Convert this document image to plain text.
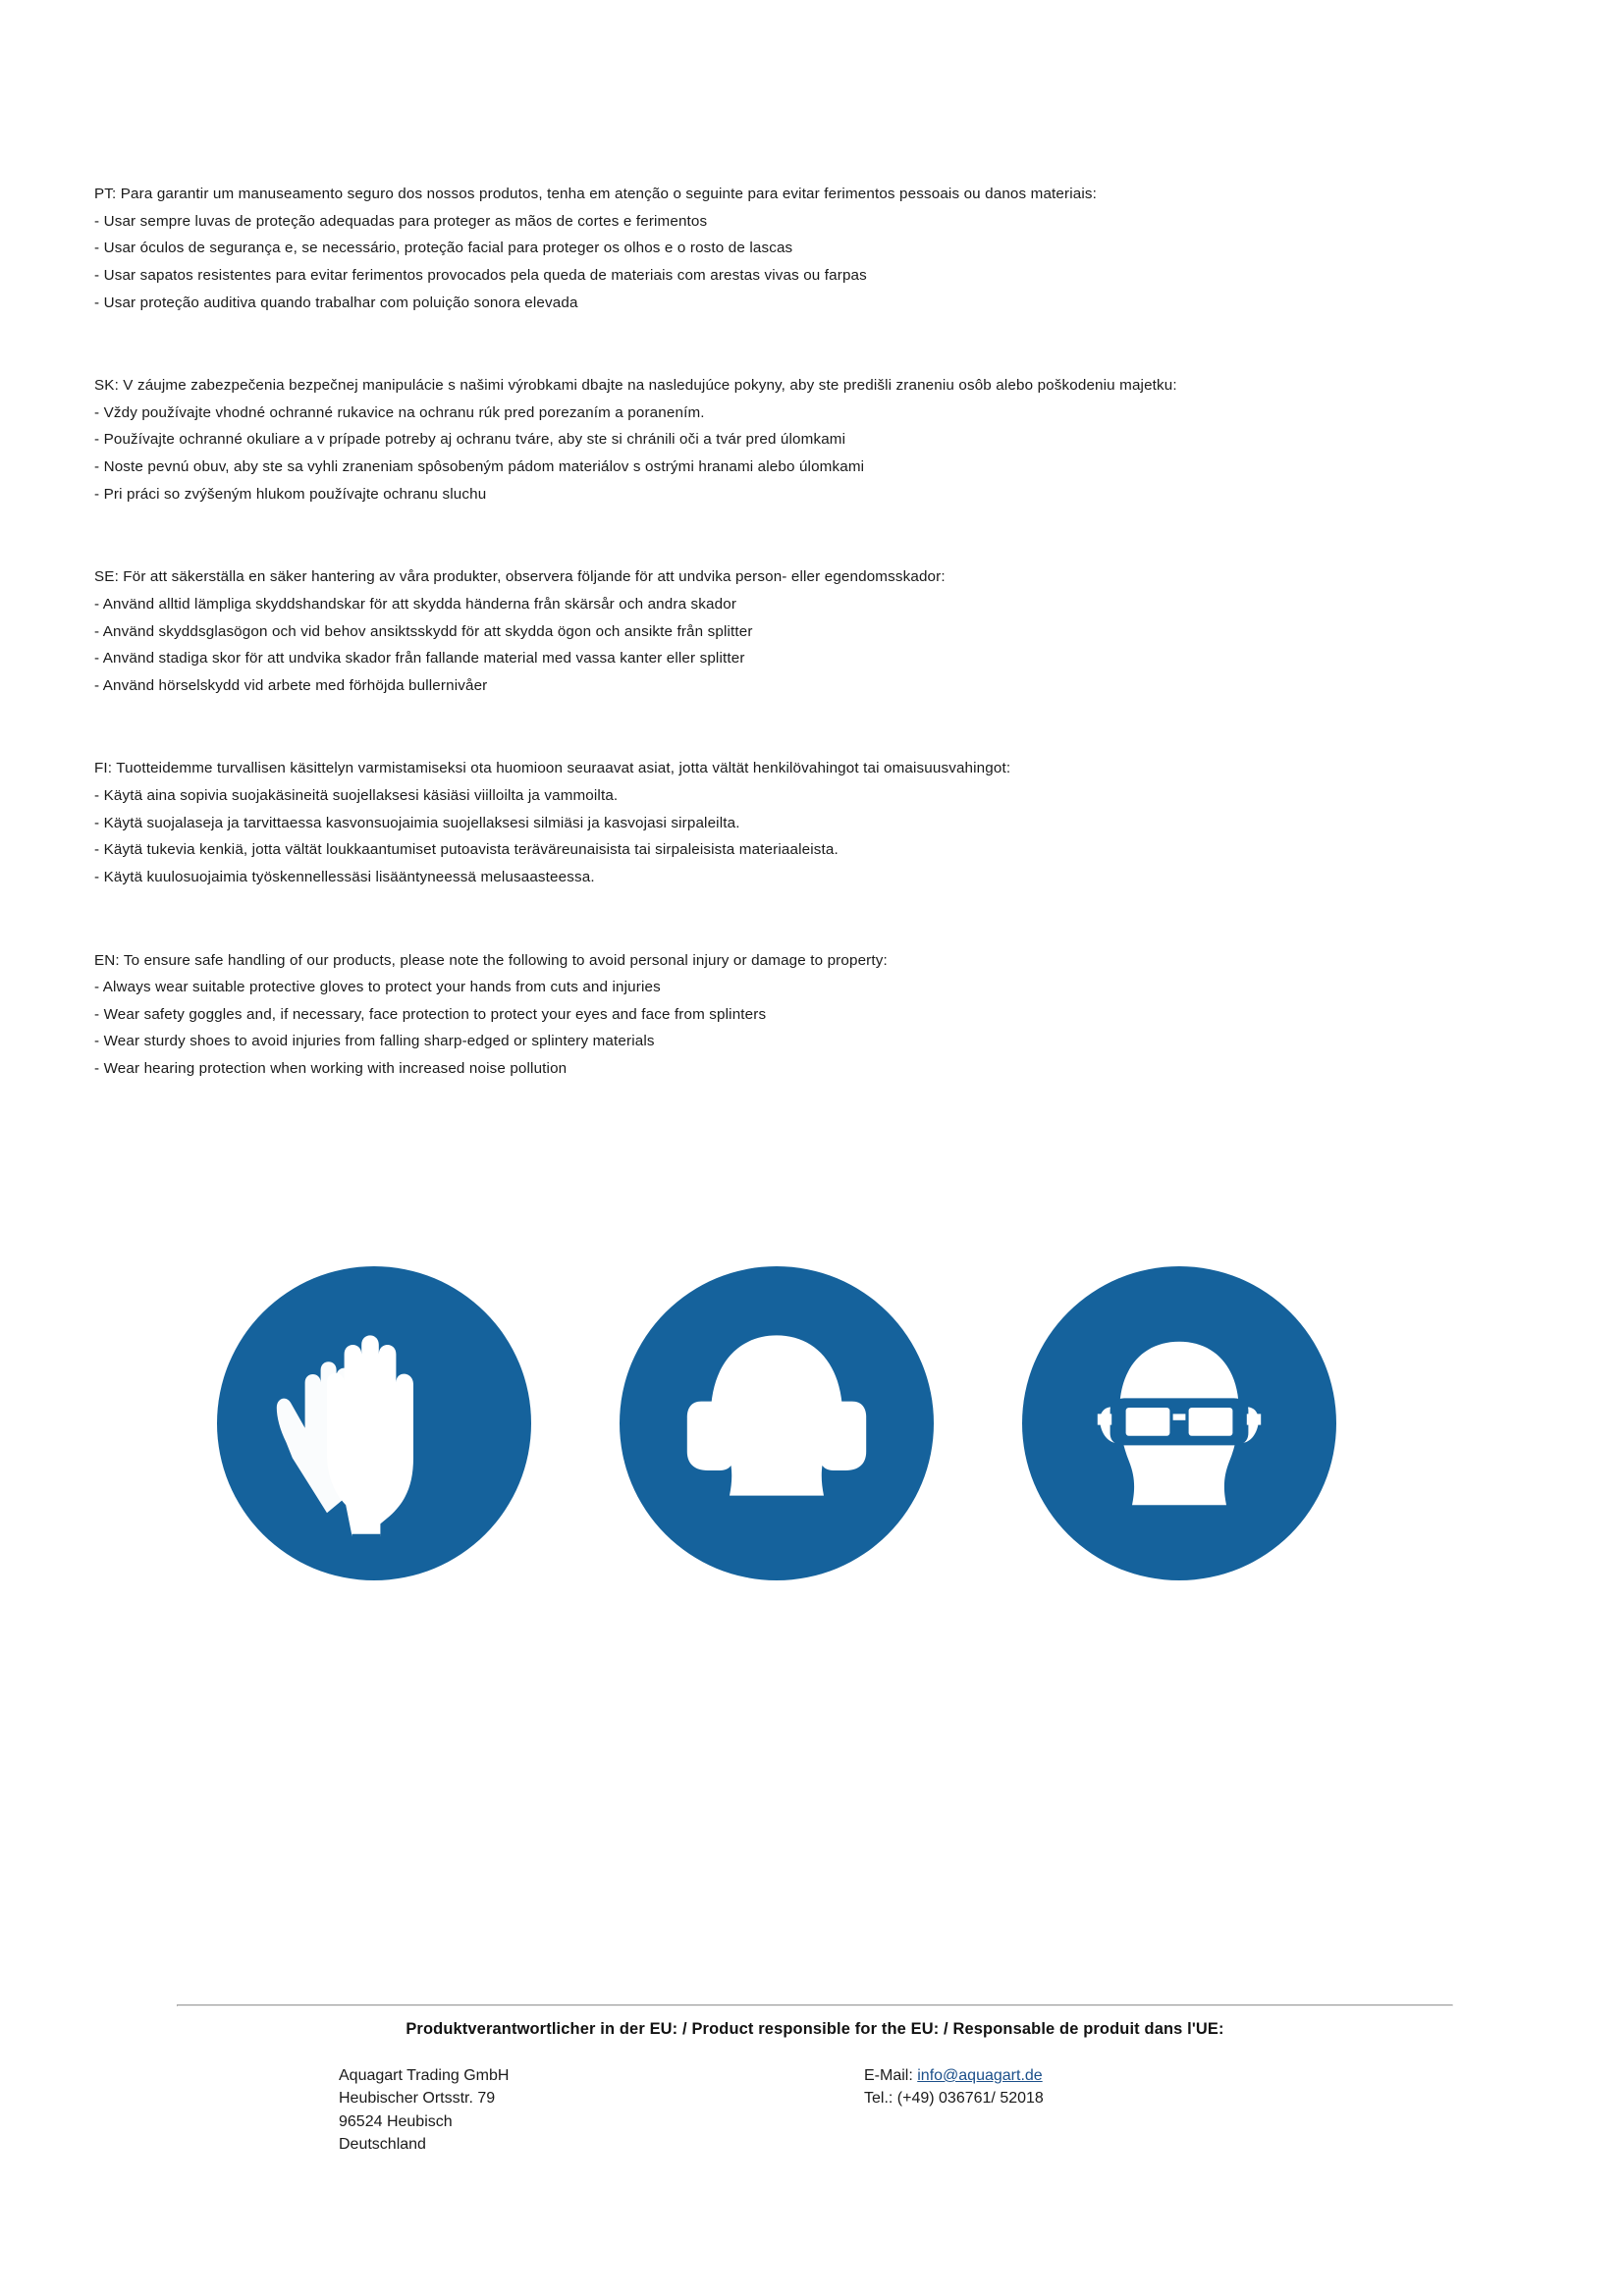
PT: Para garantir um manuseamento seguro dos nossos produtos, tenha em atenção o seguinte para evitar ferimentos pessoais ou danos materiais:

- Usar sempre luvas de proteção adequadas para proteger as mãos de cortes e ferimentos

- Usar óculos de segurança e, se necessário, proteção facial para proteger os olhos e o rosto de lascas

- Usar sapatos resistentes para evitar ferimentos provocados pela queda de materiais com arestas vivas ou farpas

- Usar proteção auditiva quando trabalhar com poluição sonora elevada

SK: V záujme zabezpečenia bezpečnej manipulácie s našimi výrobkami dbajte na nasledujúce pokyny, aby ste predišli zraneniu osôb alebo poškodeniu majetku:

- Vždy používajte vhodné ochranné rukavice na ochranu rúk pred porezaním a poranením.

- Používajte ochranné okuliare a v prípade potreby aj ochranu tváre, aby ste si chránili oči a tvár pred úlomkami

- Noste pevnú obuv, aby ste sa vyhli zraneniam spôsobeným pádom materiálov s ostrými hranami alebo úlomkami

- Pri práci so zvýšeným hlukom používajte ochranu sluchu

SE: För att säkerställa en säker hantering av våra produkter, observera följande för att undvika person- eller egendomsskador:

- Använd alltid lämpliga skyddshandskar för att skydda händerna från skärsår och andra skador

- Använd skyddsglasögon och vid behov ansiktsskydd för att skydda ögon och ansikte från splitter

- Använd stadiga skor för att undvika skador från fallande material med vassa kanter eller splitter

- Använd hörselskydd vid arbete med förhöjda bullernivåer

FI: Tuotteidemme turvallisen käsittelyn varmistamiseksi ota huomioon seuraavat asiat, jotta vältät henkilövahingot tai omaisuusvahingot:

- Käytä aina sopivia suojakäsineitä suojellaksesi käsiäsi viilloilta ja vammoilta.

- Käytä suojalaseja ja tarvittaessa kasvonsuojaimia suojellaksesi silmiäsi ja kasvojasi sirpaleilta.

- Käytä tukevia kenkiä, jotta vältät loukkaantumiset putoavista teräväreunaisista tai sirpaleisista materiaaleista.

- Käytä kuulosuojaimia työskennellessäsi lisääntyneessä melusaasteessa.

EN: To ensure safe handling of our products, please note the following to avoid personal injury or damage to property:

- Always wear suitable protective gloves to protect your hands from cuts and injuries

- Wear safety goggles and, if necessary, face protection to protect your eyes and face from splinters

- Wear sturdy shoes to avoid injuries from falling sharp-edged or splintery materials

- Wear hearing protection when working with increased noise pollution

Produktverantwortlicher in der EU: / Product responsible for the EU: / Responsable de produit dans l'UE:

Aquagart Trading GmbH
Heubischer Ortsstr. 79
96524 Heubisch
Deutschland
E-Mail: info@aquagart.de
Tel.: (+49) 036761/ 52018
